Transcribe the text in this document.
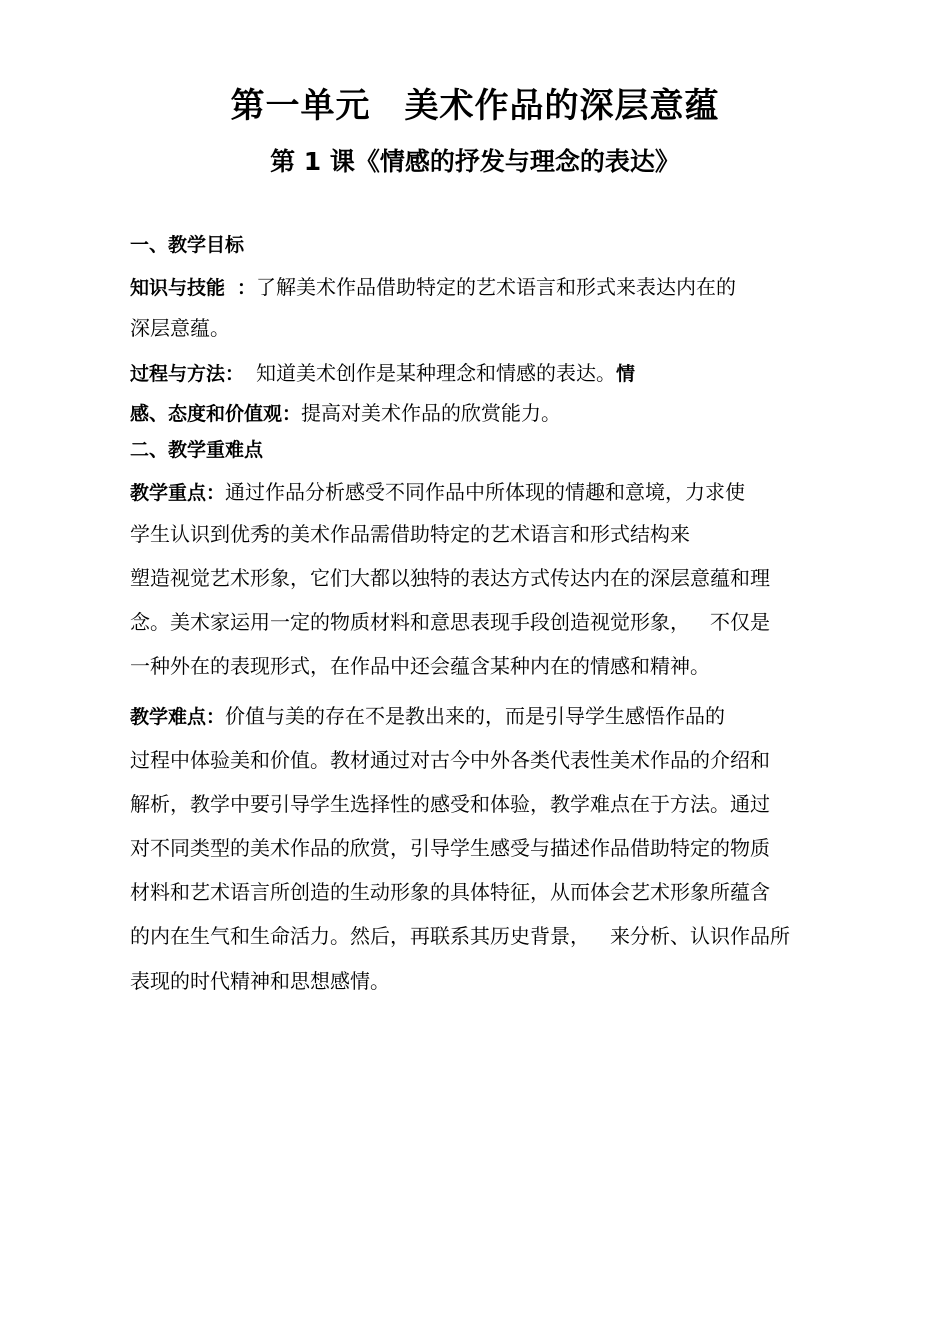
第一单元 美术作品的深层意蕴
第 1 课《情感的抒发与理念的表达》
一、教学目标
知识与技能 ：了解美术作品借助特定的艺术语言和形式来表达内在的
深层意蕴。
过程与方法： 知道美术创作是某种理念和情感的表达。情
感、态度和价值观：提高对美术作品的欣赏能力。
二、教学重难点
教学重点：通过作品分析感受不同作品中所体现的情趣和意境，力求使
学生认识到优秀的美术作品需借助特定的艺术语言和形式结构来
塑造视觉艺术形象，它们大都以独特的表达方式传达内在的深层意蕴和理
念。美术家运用一定的物质材料和意思表现手段创造视觉形象， 不仅是
一种外在的表现形式，在作品中还会蕴含某种内在的情感和精神。
教学难点：价值与美的存在不是教出来的，而是引导学生感悟作品的
过程中体验美和价值。教材通过对古今中外各类代表性美术作品的介绍和
解析，教学中要引导学生选择性的感受和体验，教学难点在于方法。通过
对不同类型的美术作品的欣赏，引导学生感受与描述作品借助特定的物质
材料和艺术语言所创造的生动形象的具体特征，从而体会艺术形象所蕴含
的内在生气和生命活力。然后，再联系其历史背景， 来分析、认识作品所
表现的时代精神和思想感情。
